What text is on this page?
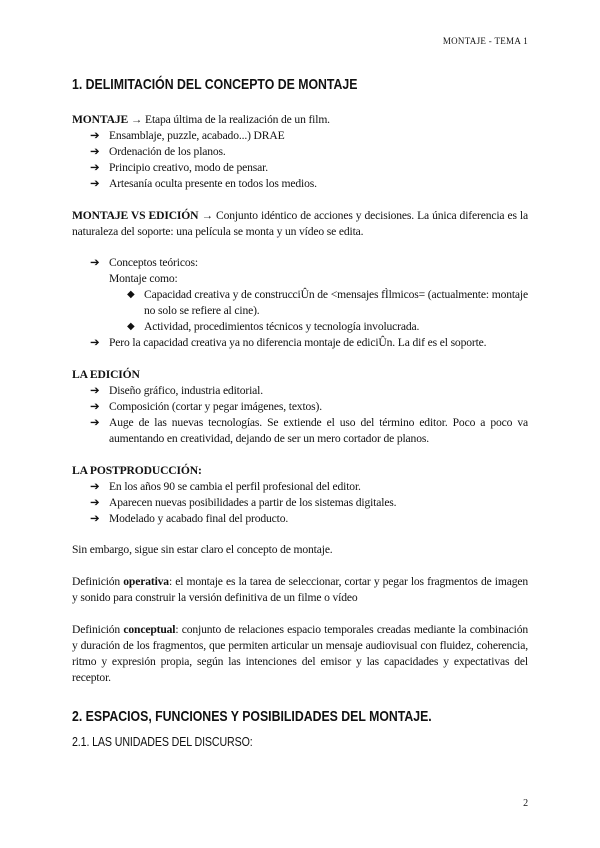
MONTAJE - TEMA 1
1. DELIMITACIÓN DEL CONCEPTO DE MONTAJE

MONTAJE → Etapa última de la realización de un film.

➔ Ensamblaje, puzzle, acabado...) DRAE
➔ Ordenación de los planos.
➔ Principio creativo, modo de pensar.
➔ Artesanía oculta presente en todos los medios.
MONTAJE VS EDICIÓN → Conjunto idéntico de acciones y decisiones. La única diferencia es la naturaleza del soporte: una película se monta y un vídeo se edita.
➔ Conceptos teóricos:
Montaje como:
◆ Capacidad creativa y de construcciÛn de <mensajes fÌlmicos= (actualmente: montaje no solo se refiere al cine).
◆ Actividad, procedimientos técnicos y tecnología involucrada.
➔ Pero la capacidad creativa ya no diferencia montaje de ediciÛn. La dif es el soporte.

LA EDICIÓN

➔ Diseño gráfico, industria editorial.
➔ Composición (cortar y pegar imágenes, textos).
➔ Auge de las nuevas tecnologías. Se extiende el uso del término editor. Poco a poco va aumentando en creatividad, dejando de ser un mero cortador de planos.

LA POSTPRODUCCIÓN:

➔ En los años 90 se cambia el perfil profesional del editor.
➔ Aparecen nuevas posibilidades a partir de los sistemas digitales.
➔ Modelado y acabado final del producto.
Sin embargo, sigue sin estar claro el concepto de montaje.
Definición operativa: el montaje es la tarea de seleccionar, cortar y pegar los fragmentos de imagen y sonido para construir la versión definitiva de un filme o vídeo
Definición conceptual: conjunto de relaciones espacio temporales creadas mediante la combinación y duración de los fragmentos, que permiten articular un mensaje audiovisual con fluidez, coherencia, ritmo y expresión propia, según las intenciones del emisor y las capacidades y expectativas del receptor.
2. ESPACIOS, FUNCIONES Y POSIBILIDADES DEL MONTAJE.
2.1. LAS UNIDADES DEL DISCURSO:
2
